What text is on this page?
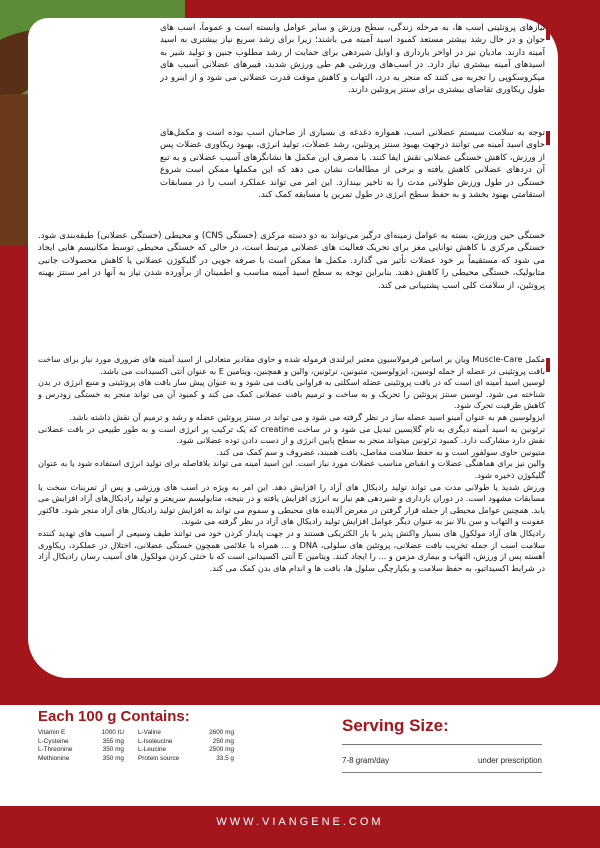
نیازهای پروتئینی اسب ها، به مرحله زندگی، سطح ورزش و سایر عوامل وابسته است و عموماً، اسب های جوان و در حال رشد بیشتر مستعد کمبود اسید آمینه می باشند؛ زیرا برای رشد سریع نیاز بیشتری به اسید آمینه دارند. مادیان نیز در اواخر بارداری و اوایل شیردهی برای حمایت از رشد مطلوب جنین و تولید شیر به اسیدهای آمینه بیشتری نیاز دارد. در اسب‌های ورزشی هم طی ورزش شدید، فیبرهای عضلانی آسیب های میکروسکوپی را تجربه می کنند که منجر به درد، التهاب و کاهش موقت قدرت عضلانی می شود و از اینرو در طول ریکاوری تقاضای بیشتری برای سنتز پروتئین دارند.
توجه به سلامت سیستم عضلانی اسب، همواره دغدغه ی بسیاری از صاحبان اسب بوده است و مکمل‌های حاوی اسید آمینه می توانند درجهت بهبود سنتز پروتئین، رشد عضلات، تولید انرژی، بهبود ریکاوری عضلات پس از ورزش، کاهش خستگی عضلانی نقش ایفا کنند. با مصرف این مکمل ها نشانگرهای آسیب عضلانی و به تبع آن دردهای عضلانی کاهش یافته و برخی از مطالعات نشان می دهد که این مکملها ممکن است شروع خستگی در طول ورزش طولانی مدت را به تاخیر بیندازد. این امر می تواند عملکرد اسب را در مسابقات استقامتی بهبود بخشد و به حفظ سطح انرژی در طول تمرین یا مسابقه کمک کند.
خستگی حین ورزش، بسته به عوامل زمینه‌ای درگیر می‌تواند به دو دسته مرکزی (خستگی CNS) و محیطی (خستگی عضلانی) طبقه‌بندی شود. خستگی مرکزی با کاهش توانایی مغز برای تحریک فعالیت های عضلانی مرتبط است، در حالی که خستگی محیطی توسط مکانیسم هایی ایجاد می شود که مستقیماً بر خود عضلات تأثیر می گذارد. مکمل ها ممکن است با صرفه جویی در گلیکوژن عضلانی یا کاهش محصولات جانبی متابولیک، خستگی محیطی را کاهش دهند. بنابراین توجه به سطح اسید آمینه مناسب و اطمینان از برآورده شدن نیاز به آنها در امر سنتز بهینه پروتئین، از سلامت کلی اسب پشتیبانی می کند.

مکمل Muscle-Care ویان بر اساس فرمولاسیون معتبر ایرلندی فرموله شده و حاوی مقادیر متعادلی از اسید آمینه های ضروری مورد نیاز برای ساخت بافت پروتئینی در عضله از جمله لوسین، ایزولوسین، متیونین، ترئونین، والین و همچنین، ویتامین E به عنوان آنتی اکسیدانت می باشد.

لوسین اسید آمینه ای است که در بافت پروتئینی عضله اسکلتی به فراوانی یافت می شود و به عنوان پیش ساز بافت های پروتئینی و منبع انرژی در بدن شناخته می شود. لوسین سنتز پروتئین را تحریک و به ساخت و ترمیم بافت عضلانی کمک می کند و کمبود آن می تواند منجر به خستگی زودرس و کاهش ظرفیت تحرک شود.

ایزولوسین هم به عنوان آمینو اسید عضله ساز در نظر گرفته می شود و می تواند در سنتز پروتئین عضله و رشد و ترمیم آن نقش داشته باشد.

ترئونین به اسید آمینه دیگری به نام گلایسین تبدیل می شود و در ساخت creatine که یک ترکیب پر انرژی است و به طور طبیعی در بافت عضلانی نقش دارد مشارکت دارد. کمبود ترئونین میتواند منجر به سطح پایین انرژی و از دست دادن توده عضلانی شود.

متیونین حاوی سولفور است و به حفظ سلامت مفاصل، بافت همبند، غضروف و سم کمک می کند.

والین نیز برای هماهنگی عضلات و انقباض مناسب عضلات مورد نیاز است. این اسید آمینه می تواند بلافاصله برای تولید انرژی استفاده شود یا به عنوان گلیکوژن ذخیره شود.

ورزش شدید یا طولانی مدت می تواند تولید رادیکال های آزاد را افزایش دهد. این امر به ویژه در اسب های ورزشی و پس از تمرینات سخت یا مسابقات مشهود است. در دوران بارداری و شیردهی هم نیاز به انرژی افزایش یافته و در نتیجه، متابولیسم سریعتر و تولید رادیکال‌های آزاد افزایش می یابد. همچنین عوامل محیطی از جمله قرار گرفتن در معرض آلاینده های محیطی و سموم می تواند به افزایش تولید رادیکال های آزاد منجر شود. فاکتور عفونت و التهاب و سن بالا نیز به عنوان دیگر عوامل افزایش تولید رادیکال های آزاد در نظر گرفته می شوند.

رادیکال های آزاد مولکول های بسیار واکنش پذیر با بار الکتریکی هستند و در جهت پایدار کردن خود می توانند طیف وسیعی از آسیب های تهدید کننده سلامت اسب از جمله تخریب بافت عضلانی، پروتئین های سلولی، DNA و ... همراه با علائمی همچون خستگی عضلانی، اختلال در عملکرد، ریکاوری آهسته پس از ورزش، التهاب و بیماری مزمن و ... را ایجاد کنند. ویتامین E آنتی اکسیدانی است که با خنثی کردن مولکول های آسیب رسان رادیکال آزاد در شرایط اکسیداتیو، به حفظ سلامت و یکپارچگی سلول ها، بافت ها و اندام های بدن کمک می کند.

Each 100 g Contains:
Vitamin E	1000 IU
L-Cysteine	355 mg
L-Threonine	350 mg
Methionine	350 mg
L-Valine	2600 mg
L-Isoleucine	250 mg
L-Leucine	2500 mg
Protein source	33.5 g
Serving Size:
7-8 gram/day	under prescription
WWW.VIANGENE.COM
